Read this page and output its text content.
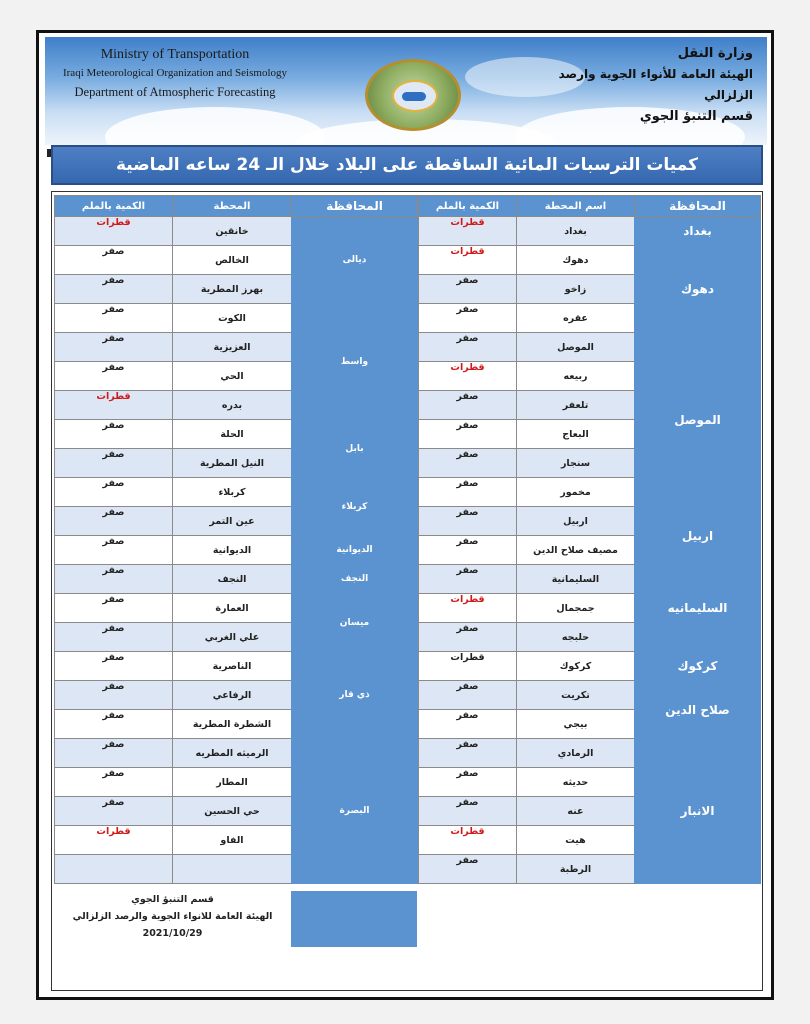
Ministry of Transportation
Iraqi Meteorological Organization and Seismology
Department of Atmospheric Forecasting
وزارة النقل
الهيئة العامة للأنواء الجوية وارصد الزلزالي
قسم التنبؤ الجوي
كميات الترسبات المائية الساقطة على البلاد خلال الـ 24 ساعه الماضية
المحافظة	اسم المحطة	الكمية بالملم
بغداد	بغداد	قطرات
دهوك	دهوك	قطرات
	زاخو	صفر
	عقره	صفر
الموصل	الموصل	صفر
	ربيعه	قطرات
	تلعفر	صفر
	البعاج	صفر
	سنجار	صفر
	مخمور	صفر
اربيل	اربيل	صفر
	مصيف صلاح الدين	صفر
السليمانيه	السليمانية	صفر
	جمجمال	قطرات
	حلبجه	صفر
كركوك	كركوك	قطرات
صلاح الدين	تكريت	صفر
	بيجي	صفر
الانبار	الرمادي	صفر
	حديثه	صفر
	عنه	صفر
	هيت	قطرات
	الرطبة	صفر
المحافظة	المحطة	الكمية بالملم
ديالى	خانقين	قطرات
	الخالص	صفر
	بهرز المطرية	صفر
واسط	الكوت	صفر
	العزيزية	صفر
	الحي	صفر
	بدره	قطرات
بابل	الحلة	صفر
	النيل المطرية	صفر
كربلاء	كربلاء	صفر
	عين التمر	صفر
الديوانية	الديوانية	صفر
النجف	النجف	صفر
ميسان	العمارة	صفر
	علي الغربي	صفر
ذي قار	الناصرية	صفر
	الرفاعي	صفر
	الشطرة المطرية	صفر
البصرة	الرميثه المطريه	صفر
	المطار	صفر
	حي الحسين	صفر
	الفاو	قطرات

قسم التنبؤ الجوي
الهيئة العامة للانواء الجوية والرصد الزلزالي
2021/10/29
